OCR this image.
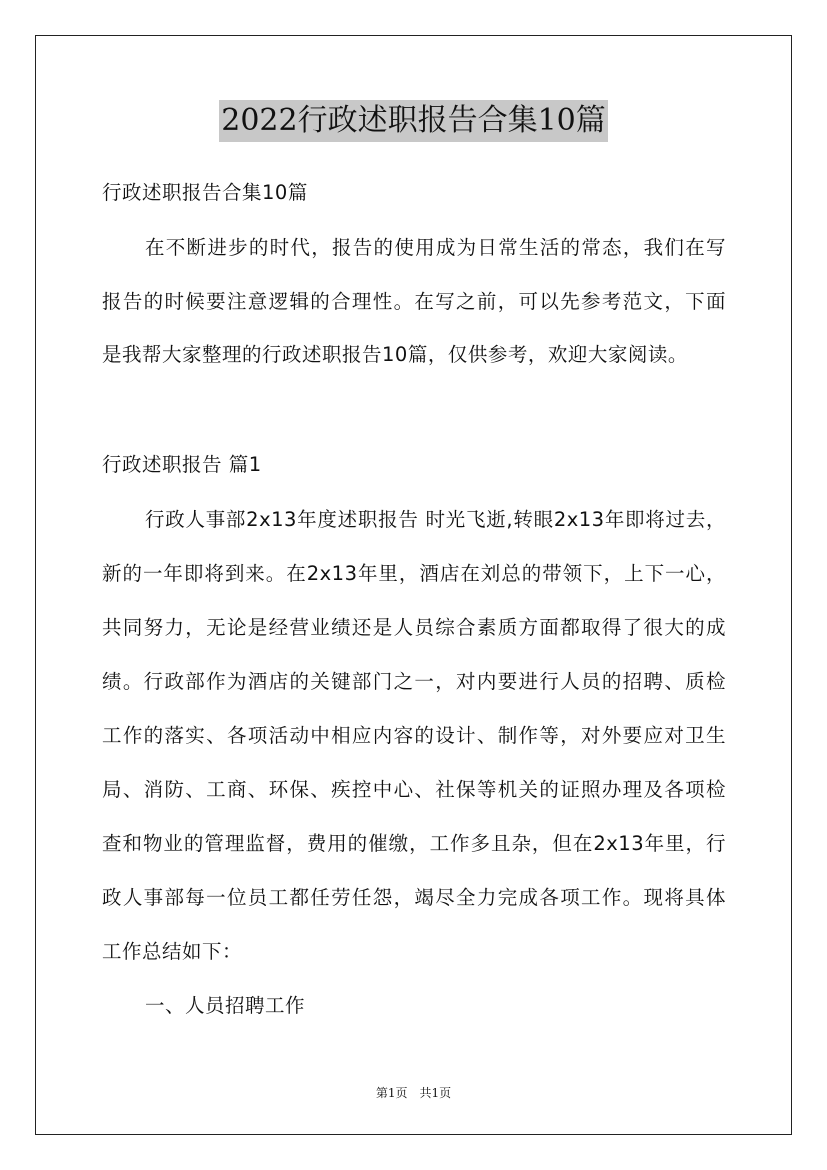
2022行政述职报告合集10篇
行政述职报告合集10篇
在不断进步的时代，报告的使用成为日常生活的常态，我们在写
报告的时候要注意逻辑的合理性。在写之前，可以先参考范文，下面
是我帮大家整理的行政述职报告10篇，仅供参考，欢迎大家阅读。
行政述职报告 篇1
行政人事部2x13年度述职报告 时光飞逝,转眼2x13年即将过去，
新的一年即将到来。在2x13年里，酒店在刘总的带领下，上下一心，
共同努力，无论是经营业绩还是人员综合素质方面都取得了很大的成
绩。行政部作为酒店的关键部门之一，对内要进行人员的招聘、质检
工作的落实、各项活动中相应内容的设计、制作等，对外要应对卫生
局、消防、工商、环保、疾控中心、社保等机关的证照办理及各项检
查和物业的管理监督，费用的催缴，工作多且杂，但在2x13年里，行
政人事部每一位员工都任劳任怨，竭尽全力完成各项工作。现将具体
工作总结如下：
一、人员招聘工作
第1页　共1页
